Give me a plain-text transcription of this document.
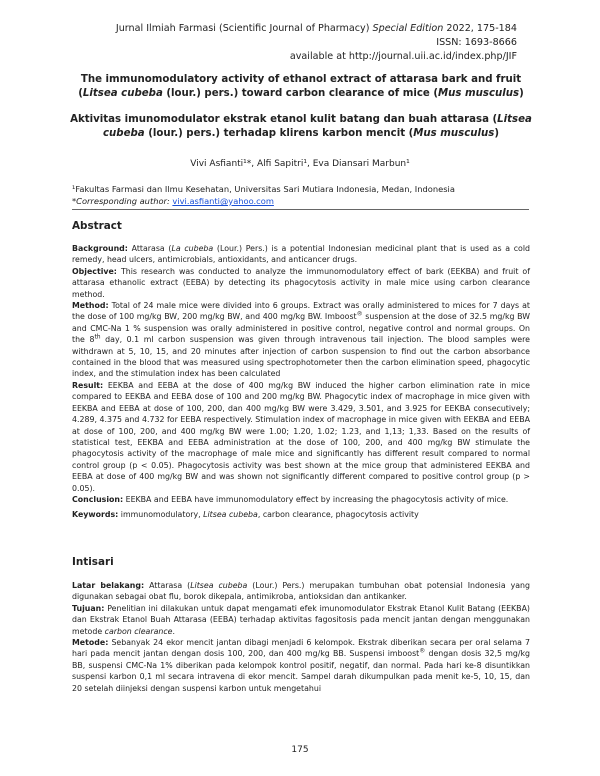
Jurnal Ilmiah Farmasi (Scientific Journal of Pharmacy) Special Edition 2022, 175-184
ISSN: 1693-8666
available at http://journal.uii.ac.id/index.php/JIF
The immunomodulatory activity of ethanol extract of attarasa bark and fruit (Litsea cubeba (lour.) pers.) toward carbon clearance of mice (Mus musculus)
Aktivitas imunomodulator ekstrak etanol kulit batang dan buah attarasa (Litsea cubeba (lour.) pers.) terhadap klirens karbon mencit (Mus musculus)
Vivi Asfianti¹*, Alfi Sapitri¹, Eva Diansari Marbun¹
¹Fakultas Farmasi dan Ilmu Kesehatan, Universitas Sari Mutiara Indonesia, Medan, Indonesia
*Corresponding author: vivi.asfianti@yahoo.com
Abstract
Background: Attarasa (La cubeba (Lour.) Pers.) is a potential Indonesian medicinal plant that is used as a cold remedy, head ulcers, antimicrobials, antioxidants, and anticancer drugs.
Objective: This research was conducted to analyze the immunomodulatory effect of bark (EEKBA) and fruit of attarasa ethanolic extract (EEBA) by detecting its phagocytosis activity in male mice using carbon clearance method.
Method: Total of 24 male mice were divided into 6 groups. Extract was orally administered to mices for 7 days at the dose of 100 mg/kg BW, 200 mg/kg BW, and 400 mg/kg BW. Imboost® suspension at the dose of 32.5 mg/kg BW and CMC-Na 1 % suspension was orally administered in positive control, negative control and normal groups. On the 8th day, 0.1 ml carbon suspension was given through intravenous tail injection. The blood samples were withdrawn at 5, 10, 15, and 20 minutes after injection of carbon suspension to find out the carbon absorbance contained in the blood that was measured using spectrophotometer then the carbon elimination speed, phagocytic index, and the stimulation index has been calculated
Result: EEKBA and EEBA at the dose of 400 mg/kg BW induced the higher carbon elimination rate in mice compared to EEKBA and EEBA dose of 100 and 200 mg/kg BW. Phagocytic index of macrophage in mice given with EEKBA and EEBA at dose of 100, 200, dan 400 mg/kg BW were 3.429, 3.501, and 3.925 for EEKBA consecutively; 4.289, 4.375 and 4.732 for EEBA respectively. Stimulation index of macrophage in mice given with EEKBA and EEBA at dose of 100, 200, and 400 mg/kg BW were 1.00; 1.20, 1.02; 1.23, and 1,13; 1,33. Based on the results of statistical test, EEKBA and EEBA administration at the dose of 100, 200, and 400 mg/kg BW stimulate the phagocytosis activity of the macrophage of male mice and significantly has different result compared to normal control group (p < 0.05). Phagocytosis activity was best shown at the mice group that administered EEKBA and EEBA at dose of 400 mg/kg BW and was shown not significantly different compared to positive control group (p > 0.05).
Conclusion: EEKBA and EEBA have immunomodulatory effect by increasing the phagocytosis activity of mice.
Keywords: immunomodulatory, Litsea cubeba, carbon clearance, phagocytosis activity
Intisari
Latar belakang: Attarasa (Litsea cubeba (Lour.) Pers.) merupakan tumbuhan obat potensial Indonesia yang digunakan sebagai obat flu, borok dikepala, antimikroba, antioksidan dan antikanker.
Tujuan: Penelitian ini dilakukan untuk dapat mengamati efek imunomodulator Ekstrak Etanol Kulit Batang (EEKBA) dan Ekstrak Etanol Buah Attarasa (EEBA) terhadap aktivitas fagositosis pada mencit jantan dengan menggunakan metode carbon clearance.
Metode: Sebanyak 24 ekor mencit jantan dibagi menjadi 6 kelompok. Ekstrak diberikan secara per oral selama 7 hari pada mencit jantan dengan dosis 100, 200, dan 400 mg/kg BB. Suspensi imboost® dengan dosis 32,5 mg/kg BB, suspensi CMC-Na 1% diberikan pada kelompok kontrol positif, negatif, dan normal. Pada hari ke-8 disuntikkan suspensi karbon 0,1 ml secara intravena di ekor mencit. Sampel darah dikumpulkan pada menit ke-5, 10, 15, dan 20 setelah diinjeksi dengan suspensi karbon untuk mengetahui
175
